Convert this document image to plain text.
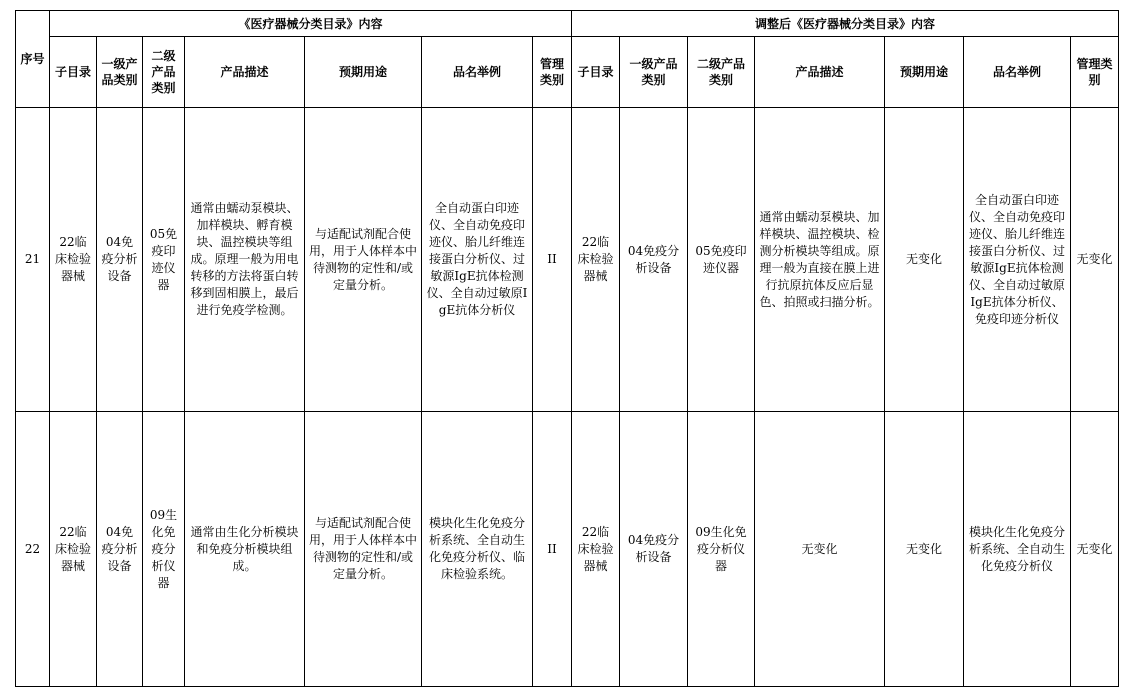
序号	《医疗器械分类目录》内容							调整后《医疗器械分类目录》内容						
	子目录	一级产品类别	二级产品类别	产品描述	预期用途	品名举例	管理类别	子目录	一级产品类别	二级产品类别	产品描述	预期用途	品名举例	管理类别
21	22临床检验器械	04免疫分析设备	05免疫印迹仪器	通常由蠕动泵模块、加样模块、孵育模块、温控模块等组成。原理一般为用电转移的方法将蛋白转移到固相膜上，最后进行免疫学检测。	与适配试剂配合使用，用于人体样本中待测物的定性和/或定量分析。	全自动蛋白印迹仪、全自动免疫印迹仪、胎儿纤维连接蛋白分析仪、过敏源IgE抗体检测仪、全自动过敏原IgE抗体分析仪	II	22临床检验器械	04免疫分析设备	05免疫印迹仪器	通常由蠕动泵模块、加样模块、温控模块、检测分析模块等组成。原理一般为直接在膜上进行抗原抗体反应后显色、拍照或扫描分析。	无变化	全自动蛋白印迹仪、全自动免疫印迹仪、胎儿纤维连接蛋白分析仪、过敏源IgE抗体检测仪、全自动过敏原IgE抗体分析仪、免疫印迹分析仪	无变化
22	22临床检验器械	04免疫分析设备	09生化免疫分析仪器	通常由生化分析模块和免疫分析模块组成。	与适配试剂配合使用，用于人体样本中待测物的定性和/或定量分析。	模块化生化免疫分析系统、全自动生化免疫分析仪、临床检验系统。	II	22临床检验器械	04免疫分析设备	09生化免疫分析仪器	无变化	无变化	模块化生化免疫分析系统、全自动生化免疫分析仪	无变化
